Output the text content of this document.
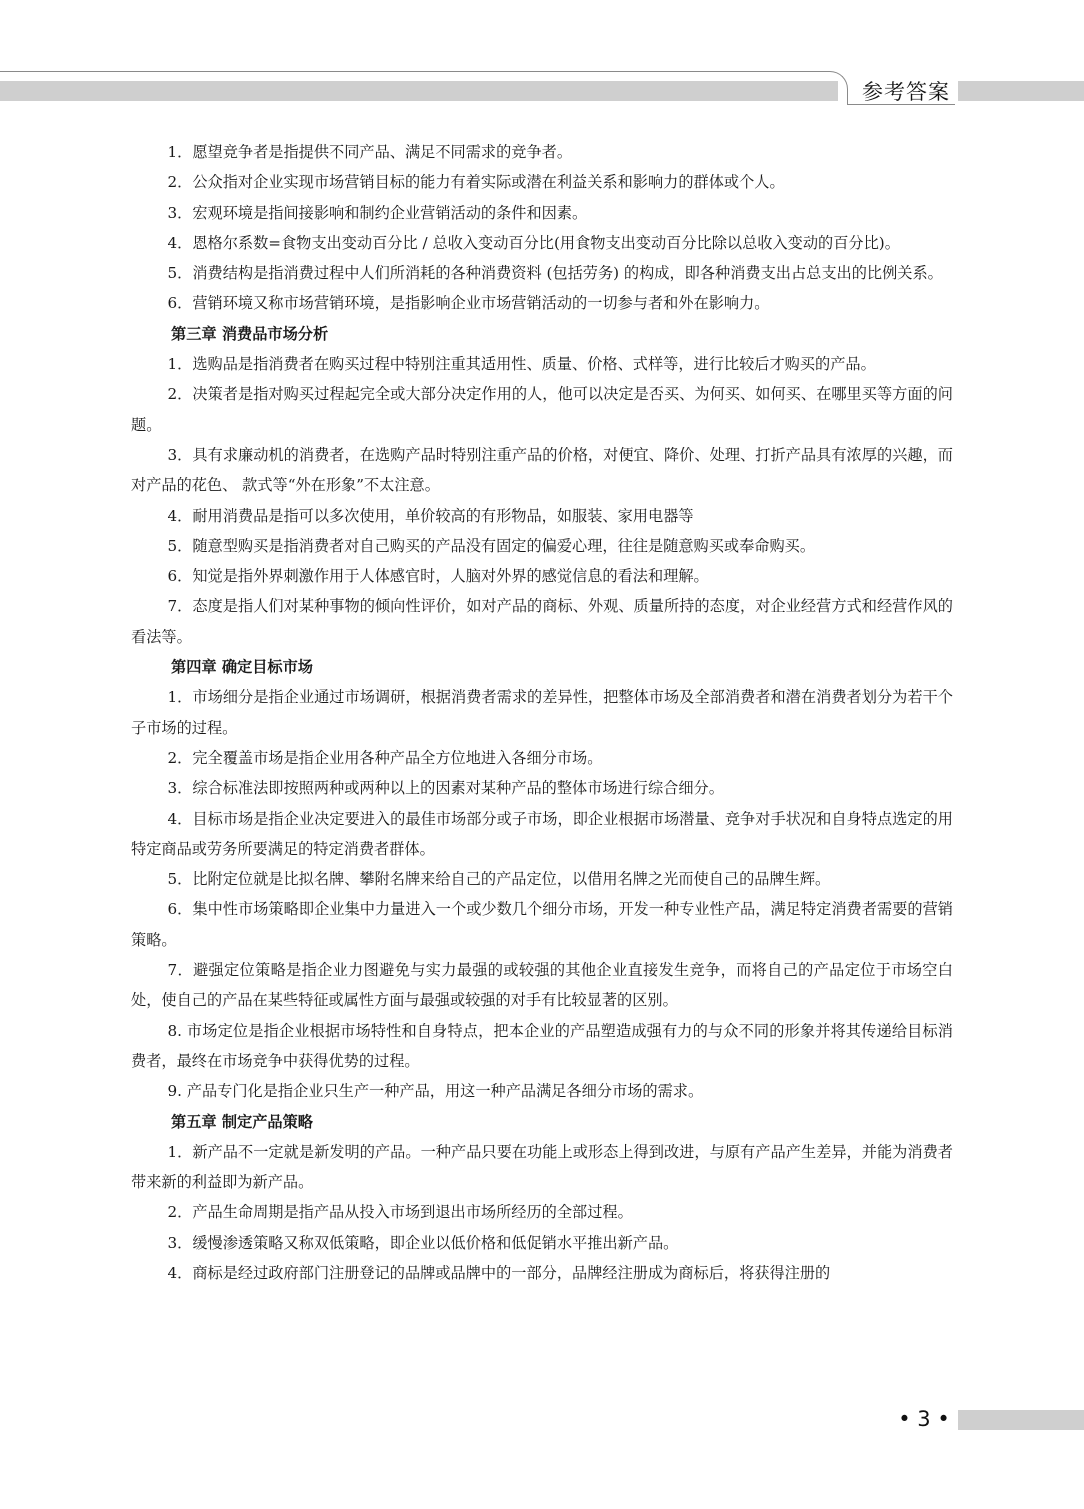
参考答案

1．愿望竞争者是指提供不同产品、满足不同需求的竞争者。

2．公众指对企业实现市场营销目标的能力有着实际或潜在利益关系和影响力的群体或个人。

3．宏观环境是指间接影响和制约企业营销活动的条件和因素。

4．恩格尔系数=食物支出变动百分比 / 总收入变动百分比(用食物支出变动百分比除以总收入变动的百分比)。

5．消费结构是指消费过程中人们所消耗的各种消费资料 (包括劳务) 的构成，即各种消费支出占总支出的比例关系。

6．营销环境又称市场营销环境，是指影响企业市场营销活动的一切参与者和外在影响力。

第三章 消费品市场分析

1．选购品是指消费者在购买过程中特别注重其适用性、质量、价格、式样等，进行比较后才购买的产品。

2．决策者是指对购买过程起完全或大部分决定作用的人，他可以决定是否买、为何买、如何买、在哪里买等方面的问题。

3．具有求廉动机的消费者，在选购产品时特别注重产品的价格，对便宜、降价、处理、打折产品具有浓厚的兴趣，而对产品的花色、 款式等“外在形象”不太注意。

4．耐用消费品是指可以多次使用，单价较高的有形物品，如服装、家用电器等

5．随意型购买是指消费者对自己购买的产品没有固定的偏爱心理，往往是随意购买或奉命购买。

6．知觉是指外界刺激作用于人体感官时，人脑对外界的感觉信息的看法和理解。

7．态度是指人们对某种事物的倾向性评价，如对产品的商标、外观、质量所持的态度，对企业经营方式和经营作风的看法等。

第四章 确定目标市场

1．市场细分是指企业通过市场调研，根据消费者需求的差异性，把整体市场及全部消费者和潜在消费者划分为若干个子市场的过程。

2．完全覆盖市场是指企业用各种产品全方位地进入各细分市场。

3．综合标准法即按照两种或两种以上的因素对某种产品的整体市场进行综合细分。

4．目标市场是指企业决定要进入的最佳市场部分或子市场，即企业根据市场潜量、竞争对手状况和自身特点选定的用特定商品或劳务所要满足的特定消费者群体。

5．比附定位就是比拟名牌、攀附名牌来给自己的产品定位，以借用名牌之光而使自己的品牌生辉。

6．集中性市场策略即企业集中力量进入一个或少数几个细分市场，开发一种专业性产品，满足特定消费者需要的营销策略。

7．避强定位策略是指企业力图避免与实力最强的或较强的其他企业直接发生竞争，而将自己的产品定位于市场空白处，使自己的产品在某些特征或属性方面与最强或较强的对手有比较显著的区别。

8. 市场定位是指企业根据市场特性和自身特点，把本企业的产品塑造成强有力的与众不同的形象并将其传递给目标消费者，最终在市场竞争中获得优势的过程。

9. 产品专门化是指企业只生产一种产品，用这一种产品满足各细分市场的需求。

第五章 制定产品策略

1．新产品不一定就是新发明的产品。一种产品只要在功能上或形态上得到改进，与原有产品产生差异，并能为消费者带来新的利益即为新产品。

2．产品生命周期是指产品从投入市场到退出市场所经历的全部过程。

3．缓慢渗透策略又称双低策略，即企业以低价格和低促销水平推出新产品。

4．商标是经过政府部门注册登记的品牌或品牌中的一部分，品牌经注册成为商标后，将获得注册的

• 3 •
